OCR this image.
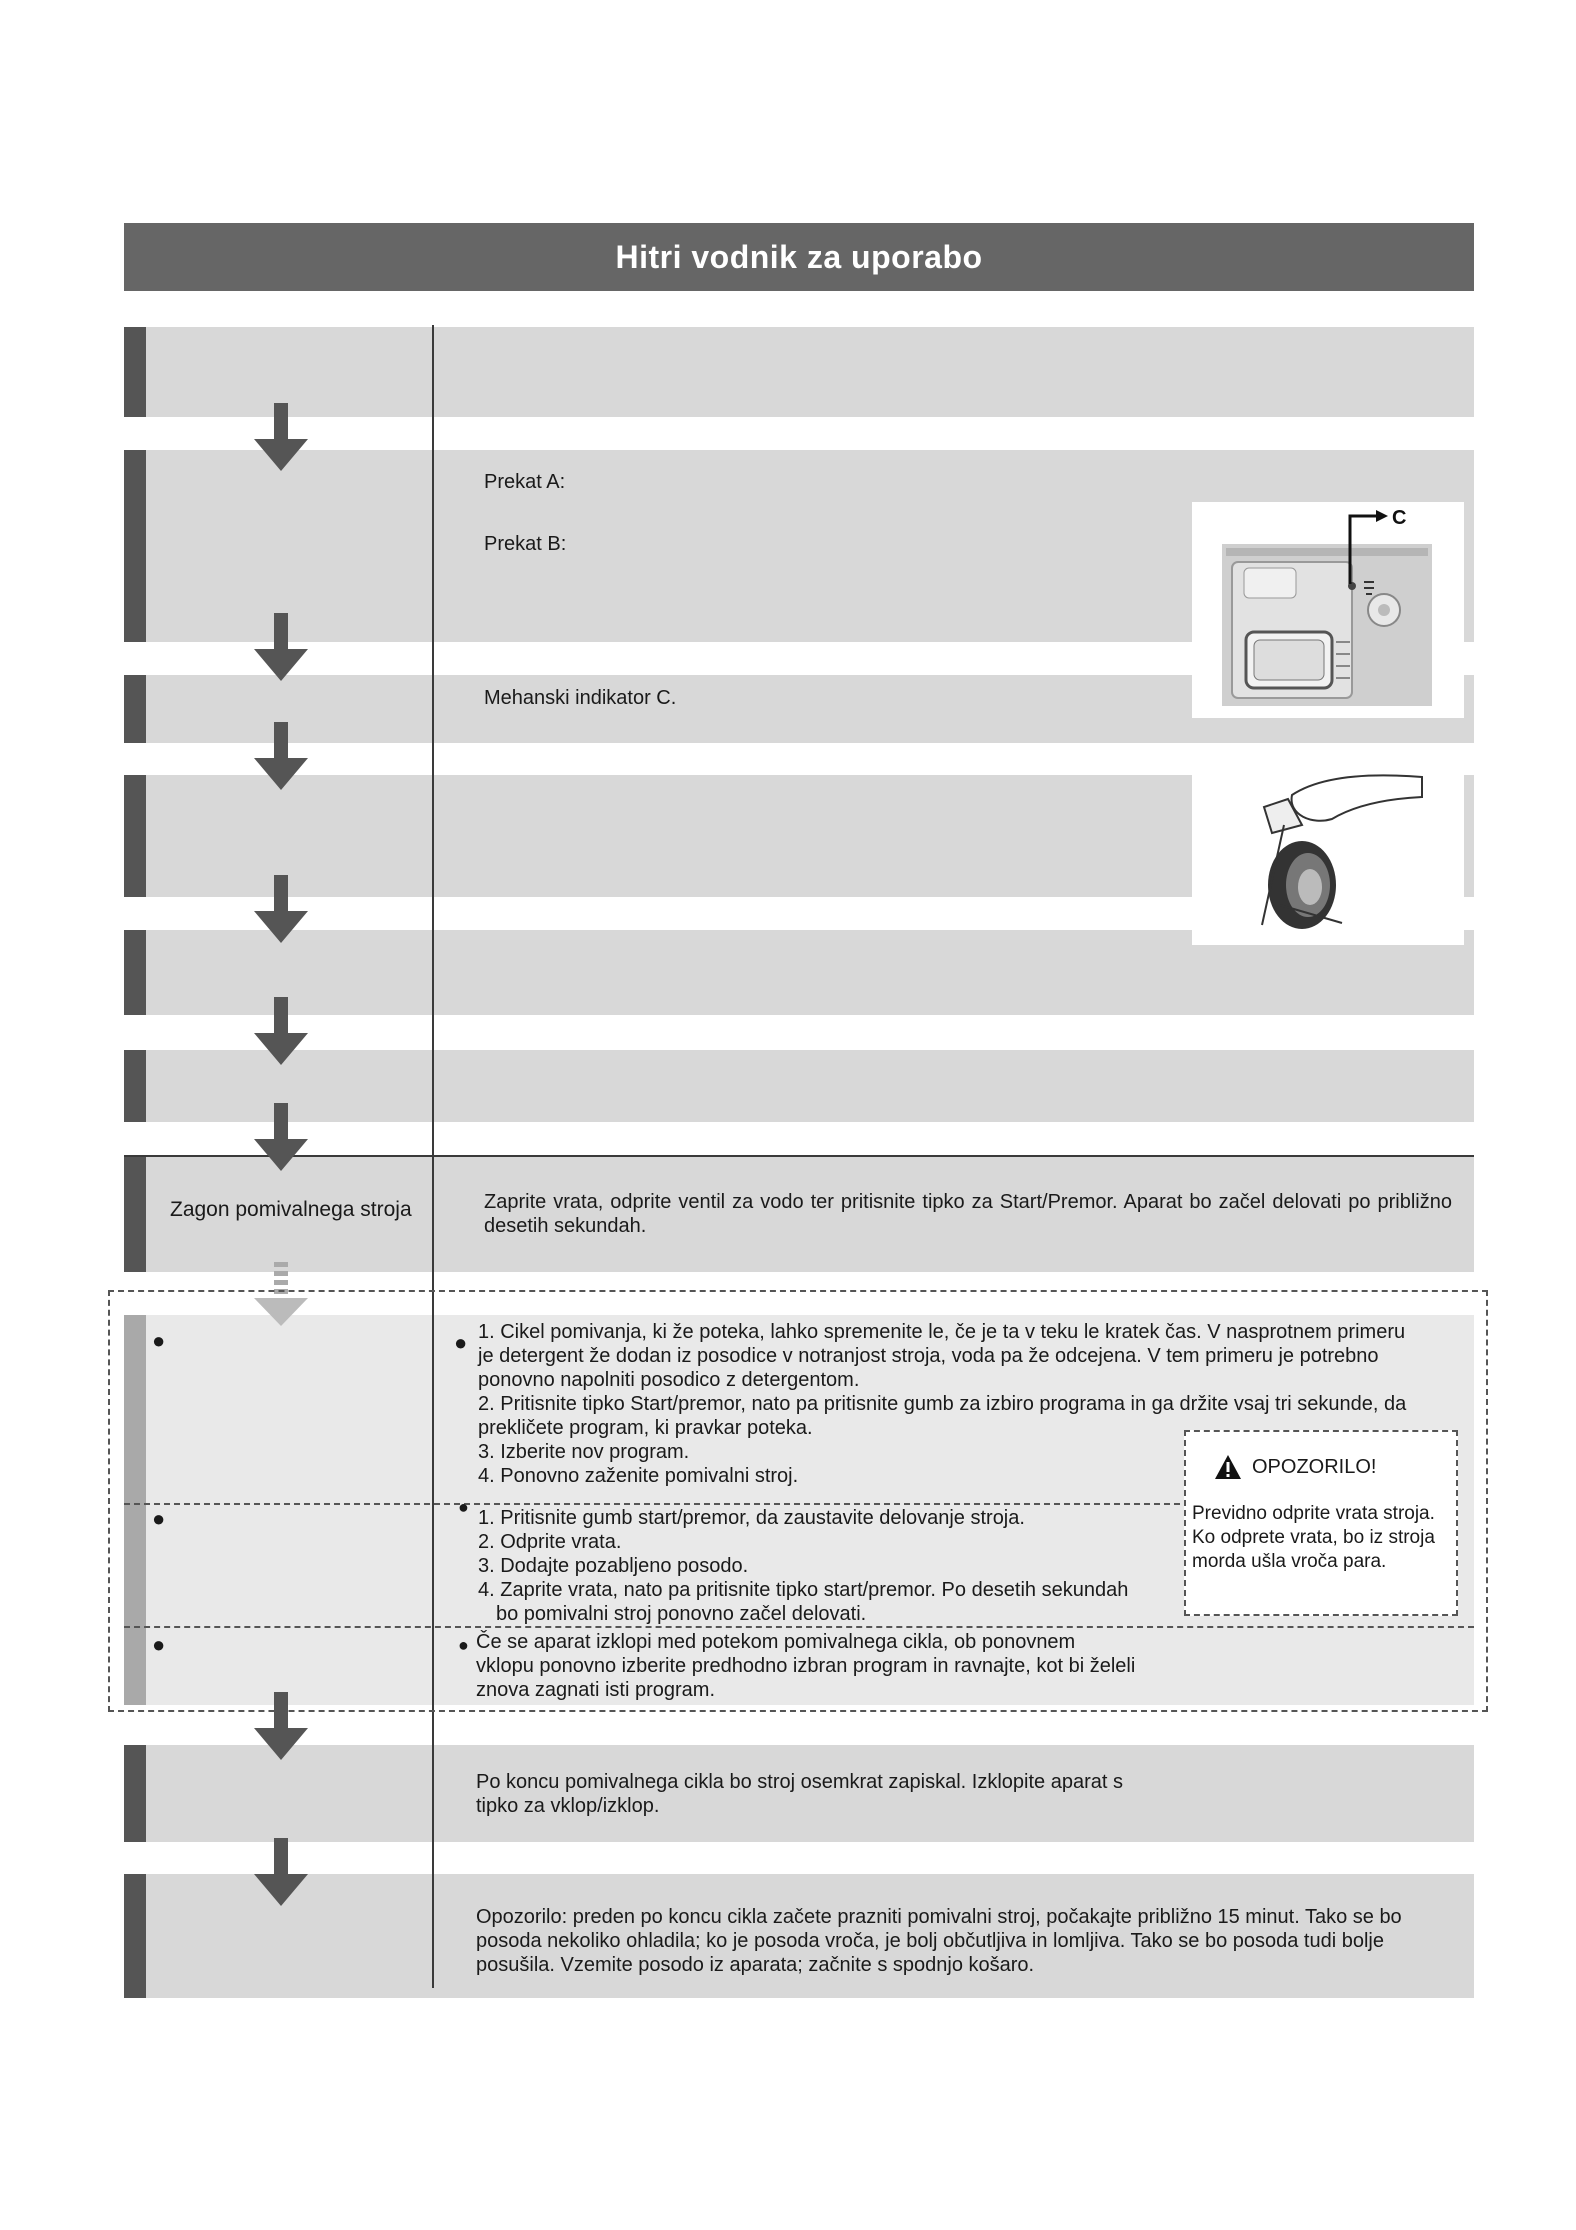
Hitri vodnik za uporabo
Prekat A:
Prekat B:
Mehanski indikator C.
C
Zagon pomivalnega stroja	Zaprite vrata, odprite ventil za vodo ter pritisnite tipko za Start/Premor. Aparat bo začel delovati po približno desetih sekundah.
●
●
●
● 1. Cikel pomivanja, ki že poteka, lahko spremenite le, če je ta v teku le kratek čas. V nasprotnem primeru
je detergent že dodan iz posodice v notranjost stroja, voda pa že odcejena. V tem primeru je potrebno
ponovno napolniti posodico z detergentom.
2. Pritisnite tipko Start/premor, nato pa pritisnite gumb za izbiro programa in ga držite vsaj tri sekunde, da
prekličete program, ki pravkar poteka.
3. Izberite nov program.
4. Ponovno zaženite pomivalni stroj.
● 1. Pritisnite gumb start/premor, da zaustavite delovanje stroja.
2. Odprite vrata.
3. Dodajte pozabljeno posodo.
4. Zaprite vrata, nato pa pritisnite tipko start/premor. Po desetih sekundah
bo pomivalni stroj ponovno začel delovati.
● Če se aparat izklopi med potekom pomivalnega cikla, ob ponovnem
vklopu ponovno izberite predhodno izbran program in ravnajte, kot bi želeli
znova zagnati isti program.
OPOZORILO!
Previdno odprite vrata stroja.
Ko odprete vrata, bo iz stroja
morda ušla vroča para.
Po koncu pomivalnega cikla bo stroj osemkrat zapiskal. Izklopite aparat s
tipko za vklop/izklop.
Opozorilo: preden po koncu cikla začete prazniti pomivalni stroj, počakajte približno 15 minut. Tako se bo
posoda nekoliko ohladila; ko je posoda vroča, je bolj občutljiva in lomljiva. Tako se bo posoda tudi bolje
posušila. Vzemite posodo iz aparata; začnite s spodnjo košaro.
